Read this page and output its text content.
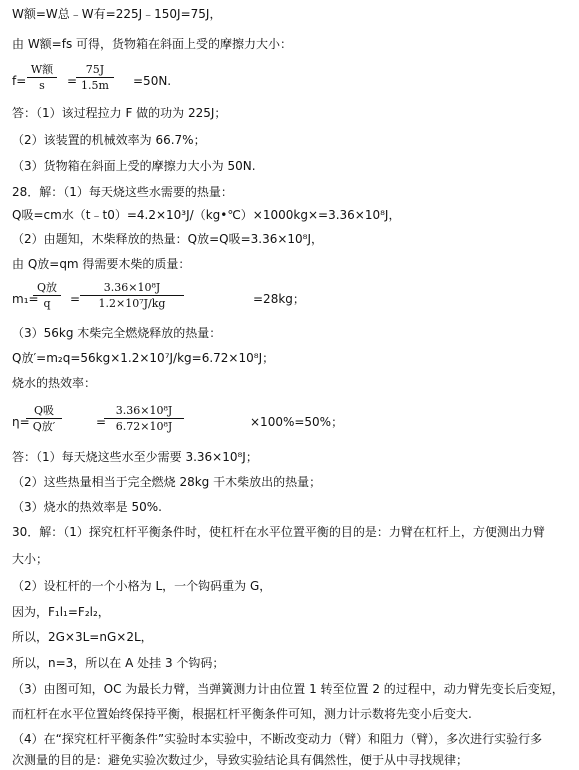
W额=W总﹣W有=225J﹣150J=75J，
由 W额=fs 可得，货物箱在斜面上受的摩擦力大小：
f=
W额
s	=
75J
1.5m	=50N.
答：（1）该过程拉力 F 做的功为 225J；
（2）该装置的机械效率为 66.7%；
（3）货物箱在斜面上受的摩擦力大小为 50N.
28．解：（1）每天烧这些水需要的热量：
Q吸=cm水（t﹣t0）=4.2×10³J/（kg•℃）×1000kg×=3.36×10⁸J，
（2）由题知，木柴释放的热量：Q放=Q吸=3.36×10⁸J，
由 Q放=qm 得需要木柴的质量：
m₁=
Q放
q	=
3.36×10⁸J
1.2×10⁷J/kg	=28kg；
（3）56kg 木柴完全燃烧释放的热量：
Q放′=m₂q=56kg×1.2×10⁷J/kg=6.72×10⁸J；
烧水的热效率：
η=
Q吸
Q放′	=
3.36×10⁸J
6.72×10⁸J	×100%=50%；
答：（1）每天烧这些水至少需要 3.36×10⁸J；
（2）这些热量相当于完全燃烧 28kg 干木柴放出的热量；
（3）烧水的热效率是 50%.
30．解：（1）探究杠杆平衡条件时，使杠杆在水平位置平衡的目的是：力臂在杠杆上，方便测出力臂
大小；
（2）设杠杆的一个小格为 L，一个钩码重为 G，
因为，F₁l₁=F₂l₂，
所以，2G×3L=nG×2L，
所以，n=3，所以在 A 处挂 3 个钩码；
（3）由图可知，OC 为最长力臂，当弹簧测力计由位置 1 转至位置 2 的过程中，动力臂先变长后变短，
而杠杆在水平位置始终保持平衡，根据杠杆平衡条件可知，测力计示数将先变小后变大.
（4）在“探究杠杆平衡条件”实验时本实验中，不断改变动力（臂）和阻力（臂），多次进行实验行多
次测量的目的是：避免实验次数过少，导致实验结论具有偶然性，便于从中寻找规律；
